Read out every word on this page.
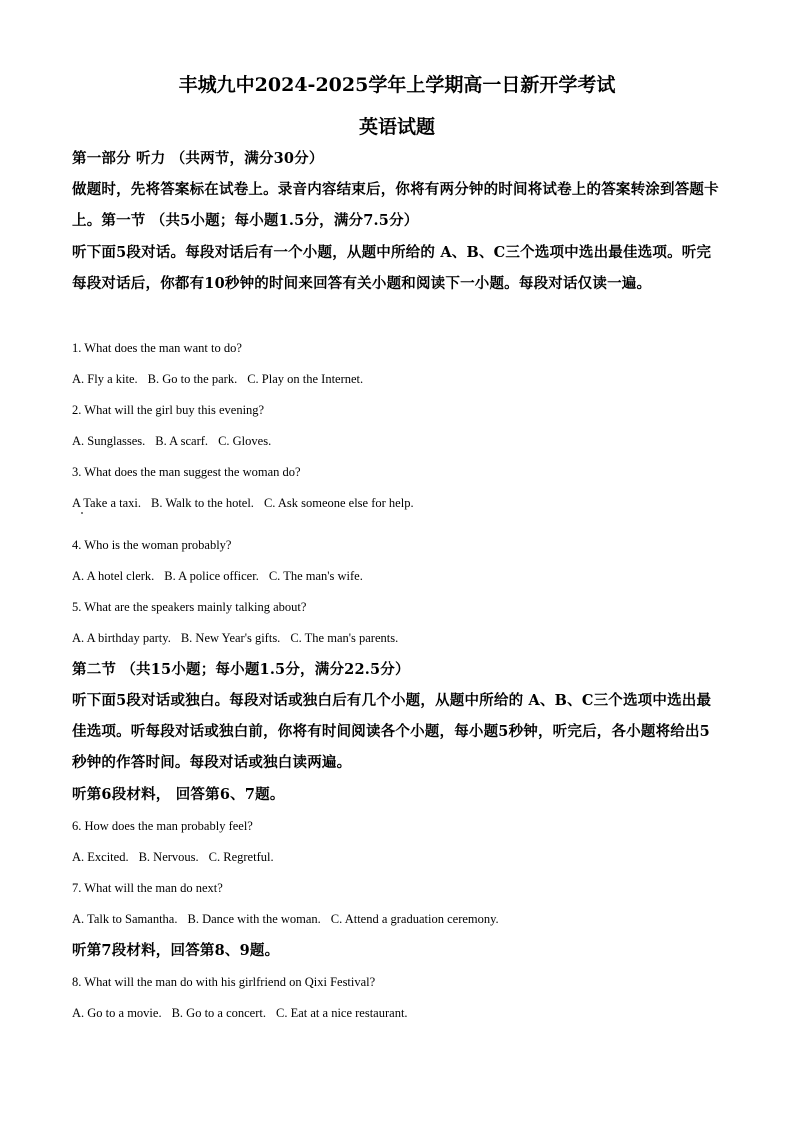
丰城九中2024-2025学年上学期高一日新开学考试
英语试题
第一部分 听力 （共两节，满分30分）
做题时，先将答案标在试卷上。录音内容结束后，你将有两分钟的时间将试卷上的答案转涂到答题卡上。第一节 （共5小题；每小题1.5分，满分7.5分）
听下面5段对话。每段对话后有一个小题，从题中所给的 A、B、C三个选项中选出最佳选项。听完每段对话后，你都有10秒钟的时间来回答有关小题和阅读下一小题。每段对话仅读一遍。
1. What does the man want to do?
A. Fly a kite. B. Go to the park. C. Play on the Internet.
2. What will the girl buy this evening?
A. Sunglasses. B. A scarf. C. Gloves.
3. What does the man suggest the woman do?
A Take a taxi. B. Walk to the hotel. C. Ask someone else for help.
4. Who is the woman probably?
A. A hotel clerk. B. A police officer. C. The man's wife.
5. What are the speakers mainly talking about?
A. A birthday party. B. New Year's gifts. C. The man's parents.
第二节 （共15小题；每小题1.5分，满分22.5分）
听下面5段对话或独白。每段对话或独白后有几个小题，从题中所给的 A、B、C三个选项中选出最佳选项。听每段对话或独白前，你将有时间阅读各个小题，每小题5秒钟，听完后，各小题将给出5秒钟的作答时间。每段对话或独白读两遍。
听第6段材料， 回答第6、7题。
6. How does the man probably feel?
A. Excited. B. Nervous. C. Regretful.
7. What will the man do next?
A. Talk to Samantha. B. Dance with the woman. C. Attend a graduation ceremony.
听第7段材料，回答第8、9题。
8. What will the man do with his girlfriend on Qixi Festival?
A. Go to a movie. B. Go to a concert. C. Eat at a nice restaurant.
